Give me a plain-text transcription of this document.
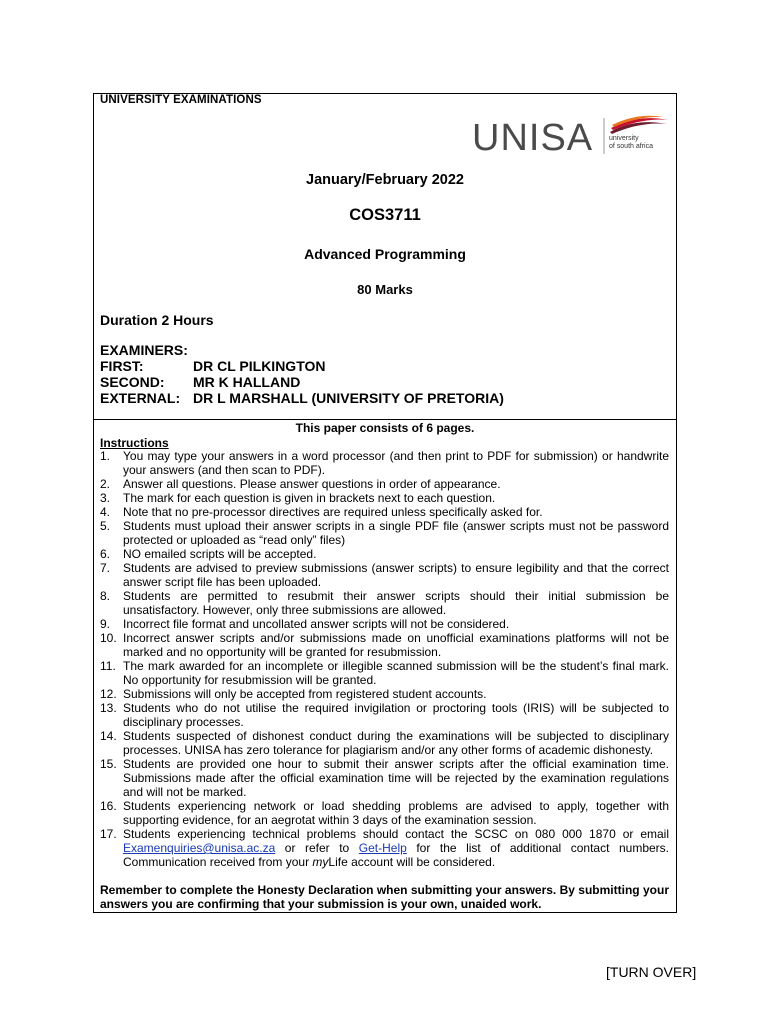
UNIVERSITY EXAMINATIONS
UNISA university
of south africa
January/February 2022
COS3711
Advanced Programming
80 Marks
Duration 2 Hours
EXAMINERS:
FIRST:	DR CL PILKINGTON
SECOND: MR K HALLAND
EXTERNAL: DR L MARSHALL (UNIVERSITY OF PRETORIA)
This paper consists of 6 pages.
Instructions
1. You may type your answers in a word processor (and then print to PDF for submission) or handwrite your answers (and then scan to PDF).
2. Answer all questions. Please answer questions in order of appearance.
3. The mark for each question is given in brackets next to each question.
4. Note that no pre-processor directives are required unless specifically asked for.
5. Students must upload their answer scripts in a single PDF file (answer scripts must not be password protected or uploaded as “read only” files)
6. NO emailed scripts will be accepted.
7. Students are advised to preview submissions (answer scripts) to ensure legibility and that the correct answer script file has been uploaded.
8. Students are permitted to resubmit their answer scripts should their initial submission be unsatisfactory. However, only three submissions are allowed.
9. Incorrect file format and uncollated answer scripts will not be considered.
10. Incorrect answer scripts and/or submissions made on unofficial examinations platforms will not be marked and no opportunity will be granted for resubmission.
11. The mark awarded for an incomplete or illegible scanned submission will be the student’s final mark. No opportunity for resubmission will be granted.
12. Submissions will only be accepted from registered student accounts.
13. Students who do not utilise the required invigilation or proctoring tools (IRIS) will be subjected to disciplinary processes.
14. Students suspected of dishonest conduct during the examinations will be subjected to disciplinary processes. UNISA has zero tolerance for plagiarism and/or any other forms of academic dishonesty.
15. Students are provided one hour to submit their answer scripts after the official examination time. Submissions made after the official examination time will be rejected by the examination regulations and will not be marked.
16. Students experiencing network or load shedding problems are advised to apply, together with supporting evidence, for an aegrotat within 3 days of the examination session.
17. Students experiencing technical problems should contact the SCSC on 080 000 1870 or email Examenquiries@unisa.ac.za or refer to Get-Help for the list of additional contact numbers. Communication received from your myLife account will be considered.
Remember to complete the Honesty Declaration when submitting your answers. By submitting your answers you are confirming that your submission is your own, unaided work.
[TURN OVER]
